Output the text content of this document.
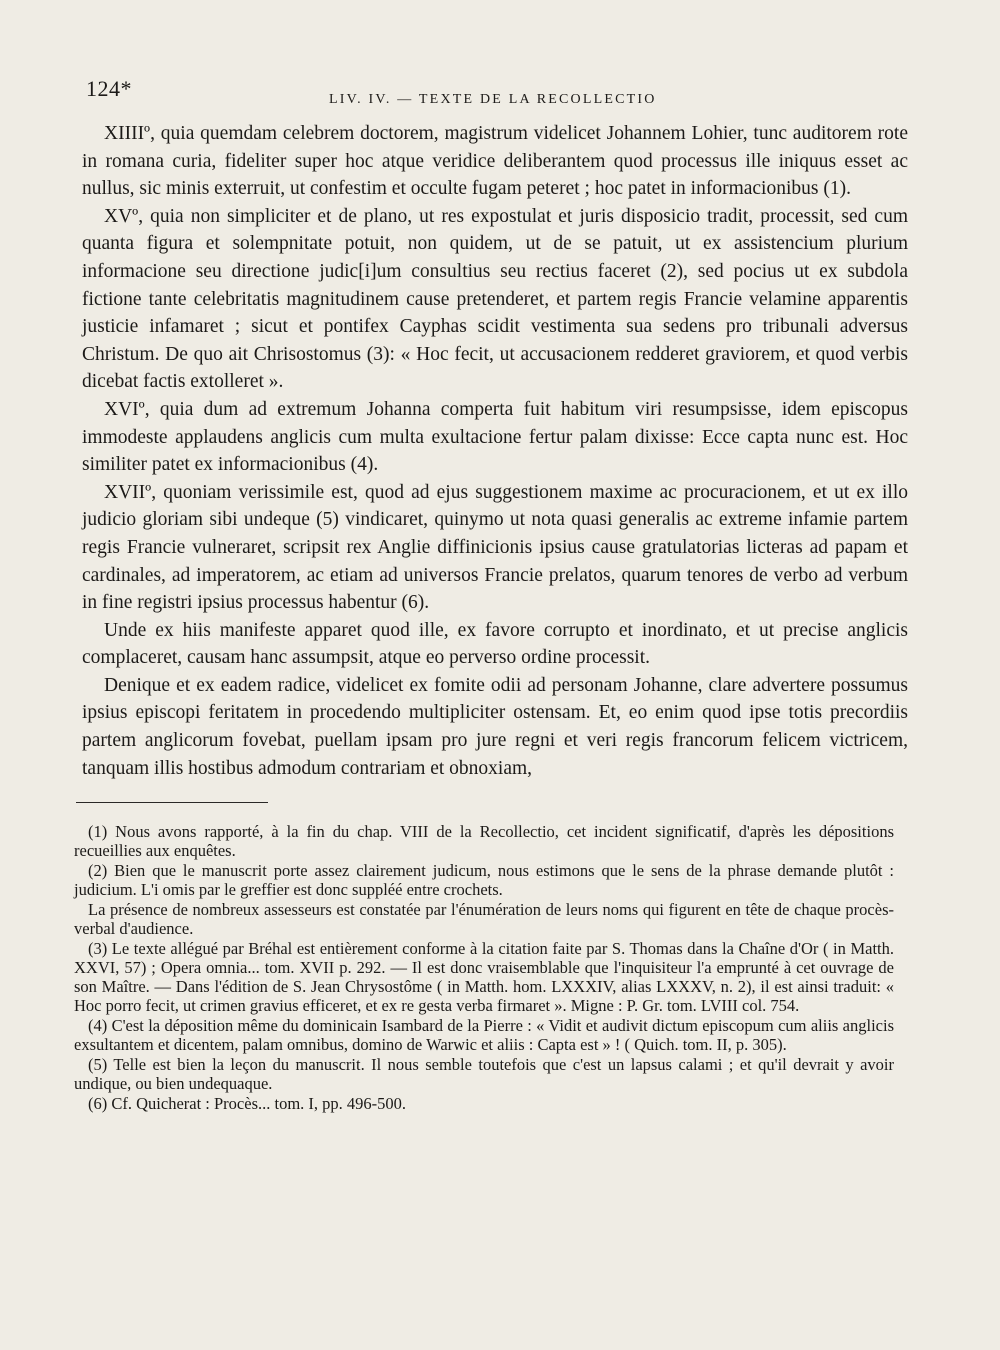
124*	LIV. IV. — TEXTE DE LA RECOLLECTIO

XIIIIº, quia quemdam celebrem doctorem, magistrum videlicet Johannem Lohier, tunc auditorem rote in romana curia, fideliter super hoc atque veridice deliberantem quod processus ille iniquus esset ac nullus, sic minis exterruit, ut confestim et occulte fugam peteret ; hoc patet in informacionibus (1).

XVº, quia non simpliciter et de plano, ut res expostulat et juris disposicio tradit, processit, sed cum quanta figura et solempnitate potuit, non quidem, ut de se patuit, ut ex assistencium plurium informacione seu directione judic[i]um consultius seu rectius faceret (2), sed pocius ut ex subdola fictione tante celebritatis magnitudinem cause pretenderet, et partem regis Francie velamine apparentis justicie infamaret ; sicut et pontifex Cayphas scidit vestimenta sua sedens pro tribunali adversus Christum. De quo ait Chrisostomus (3): « Hoc fecit, ut accusacionem redderet graviorem, et quod verbis dicebat factis extolleret ».

XVIº, quia dum ad extremum Johanna comperta fuit habitum viri resumpsisse, idem episcopus immodeste applaudens anglicis cum multa exultacione fertur palam dixisse: Ecce capta nunc est. Hoc similiter patet ex informacionibus (4).

XVIIº, quoniam verissimile est, quod ad ejus suggestionem maxime ac procuracionem, et ut ex illo judicio gloriam sibi undeque (5) vindicaret, quinymo ut nota quasi generalis ac extreme infamie partem regis Francie vulneraret, scripsit rex Anglie diffinicionis ipsius cause gratulatorias licteras ad papam et cardinales, ad imperatorem, ac etiam ad universos Francie prelatos, quarum tenores de verbo ad verbum in fine registri ipsius processus habentur (6).

Unde ex hiis manifeste apparet quod ille, ex favore corrupto et inordinato, et ut precise anglicis complaceret, causam hanc assumpsit, atque eo perverso ordine processit.

Denique et ex eadem radice, videlicet ex fomite odii ad personam Johanne, clare advertere possumus ipsius episcopi feritatem in procedendo multipliciter ostensam. Et, eo enim quod ipse totis precordiis partem anglicorum fovebat, puellam ipsam pro jure regni et veri regis francorum felicem victricem, tanquam illis hostibus admodum contrariam et obnoxiam,

(1) Nous avons rapporté, à la fin du chap. VIII de la Recollectio, cet incident significatif, d'après les dépositions recueillies aux enquêtes.

(2) Bien que le manuscrit porte assez clairement judicum, nous estimons que le sens de la phrase demande plutôt : judicium. L'i omis par le greffier est donc suppléé entre crochets.

La présence de nombreux assesseurs est constatée par l'énumération de leurs noms qui figurent en tête de chaque procès-verbal d'audience.

(3) Le texte allégué par Bréhal est entièrement conforme à la citation faite par S. Thomas dans la Chaîne d'Or ( in Matth. XXVI, 57) ; Opera omnia... tom. XVII p. 292. — Il est donc vraisemblable que l'inquisiteur l'a emprunté à cet ouvrage de son Maître. — Dans l'édition de S. Jean Chrysostôme ( in Matth. hom. LXXXIV, alias LXXXV, n. 2), il est ainsi traduit: « Hoc porro fecit, ut crimen gravius efficeret, et ex re gesta verba firmaret ». Migne : P. Gr. tom. LVIII col. 754.

(4) C'est la déposition même du dominicain Isambard de la Pierre : « Vidit et audivit dictum episcopum cum aliis anglicis exsultantem et dicentem, palam omnibus, domino de Warwic et aliis : Capta est » ! ( Quich. tom. II, p. 305).

(5) Telle est bien la leçon du manuscrit. Il nous semble toutefois que c'est un lapsus calami ; et qu'il devrait y avoir undique, ou bien undequaque.

(6) Cf. Quicherat : Procès... tom. I, pp. 496-500.
